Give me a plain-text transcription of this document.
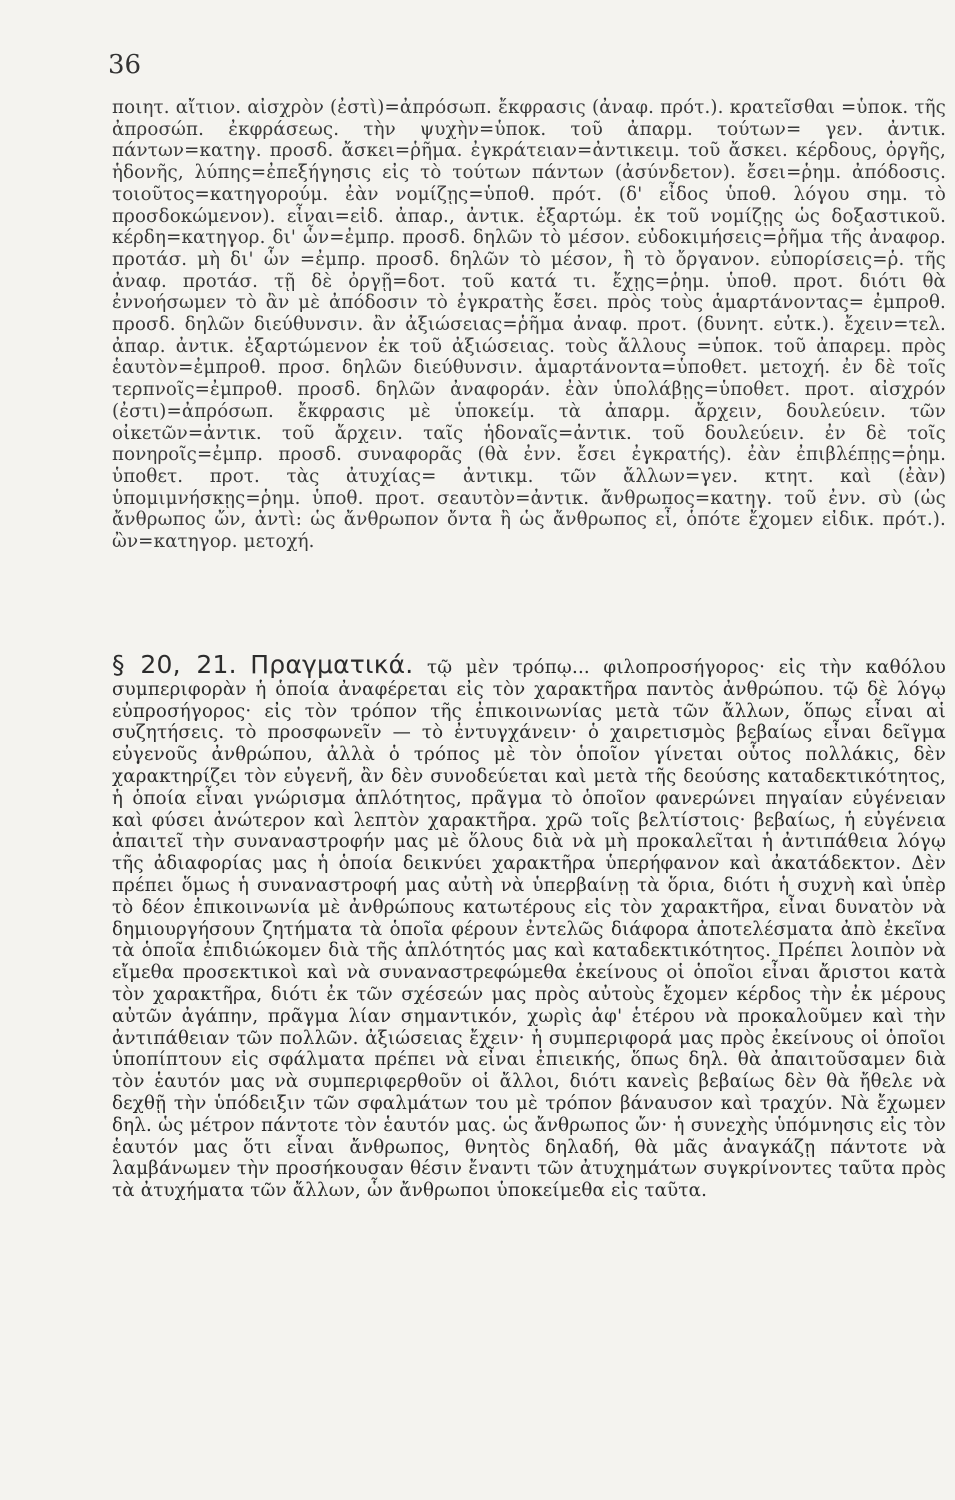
36

ποιητ. αἴτιον. αἰσχρὸν (ἐστὶ)=ἀπρόσωπ. ἔκφρασις (ἀναφ. πρότ.). κρατεῖσθαι =ὑποκ. τῆς ἀπροσώπ. ἐκφράσεως. τὴν ψυχὴν=ὑποκ. τοῦ ἀπαρμ. τούτων= γεν. ἀντικ. πάντων=κατηγ. προσδ. ἄσκει=ῥῆμα. ἐγκράτειαν=ἀντικειμ. τοῦ ἄσκει. κέρδους, ὀργῆς, ἡδονῆς, λύπης=ἐπεξήγησις εἰς τὸ τούτων πάντων (ἀσύνδετον). ἔσει=ῥημ. ἀπόδοσις. τοιοῦτος=κατηγορούμ. ἐὰν νομίζῃς=ὑποθ. πρότ. (δ' εἶδος ὑποθ. λόγου σημ. τὸ προσδοκώμενον). εἶναι=εἰδ. ἀπαρ., ἀντικ. ἐξαρτώμ. ἐκ τοῦ νομίζῃς ὡς δοξαστικοῦ. κέρδη=κατηγορ. δι' ὧν=ἐμπρ. προσδ. δηλῶν τὸ μέσον. εὐδοκιμήσεις=ῥῆμα τῆς ἀναφορ. προτάσ. μὴ δι' ὧν =ἐμπρ. προσδ. δηλῶν τὸ μέσον, ἢ τὸ ὄργανον. εὐπορίσεις=ῥ. τῆς ἀναφ. προτάσ. τῇ δὲ ὀργῇ=δοτ. τοῦ κατά τι. ἔχῃς=ῥημ. ὑποθ. προτ. διότι θὰ ἐννοήσωμεν τὸ ἂν μὲ ἀπόδοσιν τὸ ἐγκρατὴς ἔσει. πρὸς τοὺς ἁμαρτάνοντας= ἐμπροθ. προσδ. δηλῶν διεύθυνσιν. ἂν ἀξιώσειας=ῥῆμα ἀναφ. προτ. (δυνητ. εὐτκ.). ἔχειν=τελ. ἀπαρ. ἀντικ. ἐξαρτώμενον ἐκ τοῦ ἀξιώσειας. τοὺς ἄλλους =ὑποκ. τοῦ ἀπαρεμ. πρὸς ἑαυτὸν=ἐμπροθ. προσ. δηλῶν διεύθυνσιν. ἁμαρτάνοντα=ὑποθετ. μετοχή. ἐν δὲ τοῖς τερπνοῖς=ἐμπροθ. προσδ. δηλῶν ἀναφοράν. ἐὰν ὑπολάβῃς=ὑποθετ. προτ. αἰσχρόν (ἐστι)=ἀπρόσωπ. ἔκφρασις μὲ ὑποκείμ. τὰ ἀπαρμ. ἄρχειν, δουλεύειν. τῶν οἰκετῶν=ἀντικ. τοῦ ἄρχειν. ταῖς ἡδοναῖς=ἀντικ. τοῦ δουλεύειν. ἐν δὲ τοῖς πονηροῖς=ἐμπρ. προσδ. συναφορᾶς (θὰ ἐνν. ἔσει ἐγκρατής). ἐὰν ἐπιβλέπῃς=ῥημ. ὑποθετ. προτ. τὰς ἀτυχίας= ἀντικμ. τῶν ἄλλων=γεν. κτητ. καὶ (ἐὰν) ὑπομιμνήσκῃς=ῥημ. ὑποθ. προτ. σεαυτὸν=ἀντικ. ἄνθρωπος=κατηγ. τοῦ ἐνν. σὺ (ὡς ἄνθρωπος ὤν, ἀντὶ: ὡς ἄνθρωπον ὄντα ἢ ὡς ἄνθρωπος εἶ, ὁπότε ἔχομεν εἰδικ. πρότ.). ὢν=κατηγορ. μετοχή.

§ 20, 21. Πραγματικά. τῷ μὲν τρόπῳ... φιλοπροσήγορος· εἰς τὴν καθόλου συμπεριφορὰν ἡ ὁποία ἀναφέρεται εἰς τὸν χαρακτῆρα παντὸς ἀνθρώπου. τῷ δὲ λόγῳ εὐπροσήγορος· εἰς τὸν τρόπον τῆς ἐπικοινωνίας μετὰ τῶν ἄλλων, ὅπως εἶναι αἱ συζητήσεις. τὸ προσφωνεῖν — τὸ ἐντυγχάνειν· ὁ χαιρετισμὸς βεβαίως εἶναι δεῖγμα εὐγενοῦς ἀνθρώπου, ἀλλὰ ὁ τρόπος μὲ τὸν ὁποῖον γίνεται οὗτος πολλάκις, δὲν χαρακτηρίζει τὸν εὐγενῆ, ἂν δὲν συνοδεύεται καὶ μετὰ τῆς δεούσης καταδεκτικότητος, ἡ ὁποία εἶναι γνώρισμα ἁπλότητος, πρᾶγμα τὸ ὁποῖον φανερώνει πηγαίαν εὐγένειαν καὶ φύσει ἀνώτερον καὶ λεπτὸν χαρακτῆρα. χρῶ τοῖς βελτίστοις· βεβαίως, ἡ εὐγένεια ἀπαιτεῖ τὴν συναναστροφήν μας μὲ ὅλους διὰ νὰ μὴ προκαλεῖται ἡ ἀντιπάθεια λόγῳ τῆς ἀδιαφορίας μας ἡ ὁποία δεικνύει χαρακτῆρα ὑπερήφανον καὶ ἀκατάδεκτον. Δὲν πρέπει ὅμως ἡ συναναστροφή μας αὐτὴ νὰ ὑπερβαίνῃ τὰ ὅρια, διότι ἡ συχνὴ καὶ ὑπὲρ τὸ δέον ἐπικοινωνία μὲ ἀνθρώπους κατωτέρους εἰς τὸν χαρακτῆρα, εἶναι δυνατὸν νὰ δημιουργήσουν ζητήματα τὰ ὁποῖα φέρουν ἐντελῶς διάφορα ἀποτελέσματα ἀπὸ ἐκεῖνα τὰ ὁποῖα ἐπιδιώκομεν διὰ τῆς ἁπλότητός μας καὶ καταδεκτικότητος. Πρέπει λοιπὸν νὰ εἴμεθα προσεκτικοὶ καὶ νὰ συναναστρεφώμεθα ἐκείνους οἱ ὁποῖοι εἶναι ἄριστοι κατὰ τὸν χαρακτῆρα, διότι ἐκ τῶν σχέσεών μας πρὸς αὐτοὺς ἔχομεν κέρδος τὴν ἐκ μέρους αὐτῶν ἀγάπην, πρᾶγμα λίαν σημαντικόν, χωρὶς ἀφ' ἑτέρου νὰ προκαλοῦμεν καὶ τὴν ἀντιπάθειαν τῶν πολλῶν. ἀξιώσειας ἔχειν· ἡ συμπεριφορά μας πρὸς ἐκείνους οἱ ὁποῖοι ὑποπίπτουν εἰς σφάλματα πρέπει νὰ εἶναι ἐπιεικής, ὅπως δηλ. θὰ ἀπαιτοῦσαμεν διὰ τὸν ἑαυτόν μας νὰ συμπεριφερθοῦν οἱ ἄλλοι, διότι κανεὶς βεβαίως δὲν θὰ ἤθελε νὰ δεχθῇ τὴν ὑπόδειξιν τῶν σφαλμάτων του μὲ τρόπον βάναυσον καὶ τραχύν. Νὰ ἔχωμεν δηλ. ὡς μέτρον πάντοτε τὸν ἑαυτόν μας. ὡς ἄνθρωπος ὤν· ἡ συνεχὴς ὑπόμνησις εἰς τὸν ἑαυτόν μας ὅτι εἶναι ἄνθρωπος, θνητὸς δηλαδή, θὰ μᾶς ἀναγκάζῃ πάντοτε νὰ λαμβάνωμεν τὴν προσήκουσαν θέσιν ἔναντι τῶν ἀτυχημάτων συγκρίνοντες ταῦτα πρὸς τὰ ἀτυχήματα τῶν ἄλλων, ὧν ἄνθρωποι ὑποκείμεθα εἰς ταῦτα.
